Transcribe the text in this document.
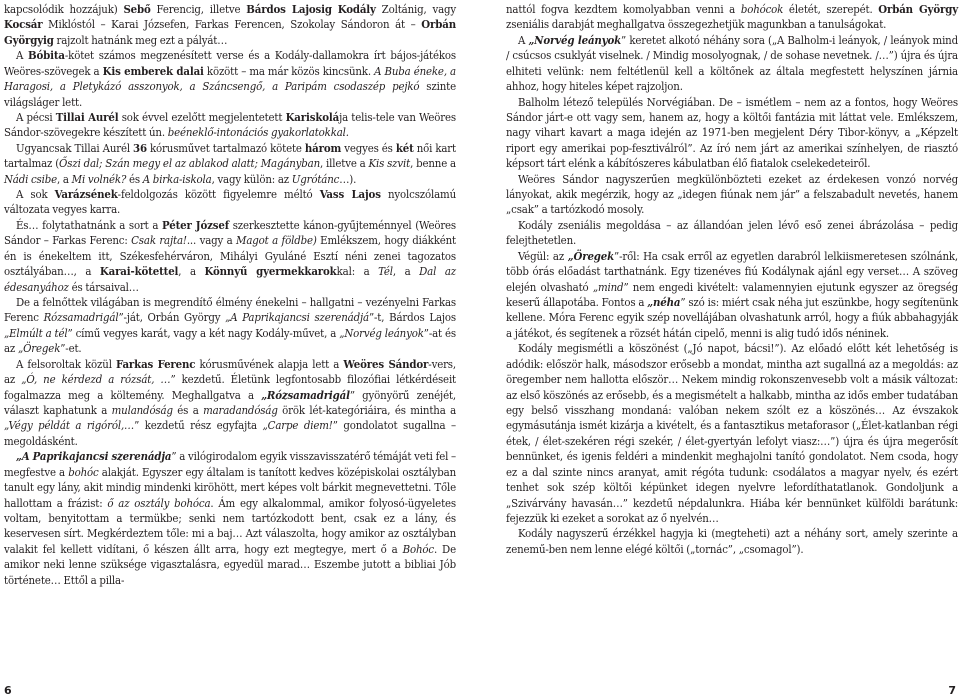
kapcsolódik hozzájuk) Sebő Ferencig, illetve Bárdos Lajosig Kodály Zoltánig, vagy Kocsár Miklóstól – Karai Józsefen, Farkas Ferencen, Szokolay Sándoron át – Orbán Györgyig rajzolt hatnánk meg ezt a pályát…

A Bóbita-kötet számos megzenésített verse és a Kodály-dallamokra írt bájos-játékos Weöres-szövegek a Kis emberek dalai között – ma már közös kincsünk. A Buba éneke, a Haragosi, a Pletykázó asszonyok, a Száncsengő, a Paripám csodaszép pejkó szinte világsláger lett.

A pécsi Tillai Aurél sok évvel ezelőtt megjelentetett Kariskolája telis-tele van Weöres Sándor-szövegekre készített ún. beéneklő-intonációs gyakorlatokkal.

Ugyancsak Tillai Aurél 36 kórusművet tartalmazó kötete három vegyes és két női kart tartalmaz (Őszi dal; Szán megy el az ablakod alatt; Magányban, illetve a Kis szvit, benne a Nádi csibe, a Mi volnék? és A birka-iskola, vagy külön: az Ugrótánc…).

A sok Varázsének-feldolgozás között figyelemre méltó Vass Lajos nyolcszólamú változata vegyes karra.

És… folytathatnánk a sort a Péter József szerkesztette kánon-gyűjteménnyel (Weöres Sándor – Farkas Ferenc: Csak rajta!... vagy a Magot a földbe) Emlékszem, hogy diákként én is énekeltem itt, Székesfehérváron, Mihályi Gyuláné Esztí néni zenei tagozatos osztályában…, a Karai-kötettel, a Könnyű gyermekkarokkal: a Tél, a Dal az édesanyához és társaival…

De a felnőttek világában is megrendítő élmény énekelni – hallgatni – vezényelni Farkas Ferenc Rózsamadrigál”-ját, Orbán György „A Paprikajancsi szerenádjá”-t, Bárdos Lajos „Elmúlt a tél” című vegyes karát, vagy a két nagy Kodály-művet, a „Norvég leányok”-at és az „Öregek”-et.

A felsoroltak közül Farkas Ferenc kórusművének alapja lett a Weöres Sándor-vers, az „Ó, ne kérdezd a rózsát, …” kezdetű. Életünk legfontosabb filozófiai létkérdéseit fogalmazza meg a költemény. Meghallgatva a „Rózsamadrigál” gyönyörű zenéjét, választ kaphatunk a mulandóság és a maradandóság örök lét-kategóriáira, és mintha a „Végy példát a rigóról,…” kezdetű rész egyfajta „Carpe diem!” gondolatot sugallna – megoldásként.

„A Paprikajancsi szerenádja” a vilógirodalom egyik visszavisszatérő témáját veti fel – megfestve a bohóc alakját. Egyszer egy általam is tanított kedves középiskolai osztályban tanult egy lány, akit mindig mindenki kiröhött, mert képes volt bárkit megnevettetni. Tőle hallottam a frázist: ő az osztály bohóca. Ám egy alkalommal, amikor folyosó-ügyeletes voltam, benyitottam a termükbe; senki nem tartózkodott bent, csak ez a lány, és keservesen sírt. Megkérdeztem tőle: mi a baj… Azt válaszolta, hogy amikor az osztályban valakit fel kellett vidítani, ő készen állt arra, hogy ezt megtegye, mert ő a Bohóc. De amikor neki lenne szüksége vigasztalásra, egyedül marad… Eszembe jutott a bibliai Jób története… Ettől a pilla-

nattól fogva kezdtem komolyabban venni a bohócok életét, szerepét. Orbán György zseniális darabját meghallgatva összegezhetjük magunkban a tanulságokat.

A „Norvég leányok” keretet alkotó néhány sora („A Balholm-i leányok, / leányok mind / csúcsos csuklyát viselnek. / Mindig mosolyognak, / de sohase nevetnek. /…”) újra és újra elhiteti velünk: nem feltétlenül kell a költőnek az általa megfestett helyszínen járnia ahhoz, hogy hiteles képet rajzoljon.

Balholm létező település Norvégiában. De – ismétlem – nem az a fontos, hogy Weöres Sándor járt-e ott vagy sem, hanem az, hogy a költői fantázia mit láttat vele. Emlékszem, nagy vihart kavart a maga idején az 1971-ben megjelent Déry Tibor-könyv, a „Képzelt riport egy amerikai pop-fesztiválról”. Az író nem járt az amerikai színhelyen, de riasztó képsort tárt elénk a kábítószeres kábulatban élő fiatalok cselekedeteiről.

Weöres Sándor nagyszerűen megkülönbözteti ezeket az érdekesen vonzó norvég lányokat, akik megérzik, hogy az „idegen fiúnak nem jár” a felszabadult nevetés, hanem „csak” a tartózkodó mosoly.

Kodály zseniális megoldása – az állandóan jelen lévő eső zenei ábrázolása – pedig felejthetetlen.

Végül: az „Öregek”-ről: Ha csak erről az egyetlen darabról lelkiismeretesen szólnánk, több órás előadást tarthatnánk. Egy tizenéves fiú Kodálynak ajánl egy verset… A szöveg elején olvasható „mind” nem engedi kivételt: valamennyien ejutunk egyszer az öregség keserű állapotába. Fontos a „néha” szó is: miért csak néha jut eszünkbe, hogy segítenünk kellene. Móra Ferenc egyik szép novellájában olvashatunk arról, hogy a fiúk abbahagyják a játékot, és segítenek a rözsét hátán cipelő, menni is alig tudó idős néninek.

Kodály megismétli a köszönést („Jó napot, bácsi!”). Az előadó előtt két lehetőség is adódik: először halk, másodszor erősebb a mondat, mintha azt sugallná az a megoldás: az öregember nem hallotta először… Nekem mindig rokonszenvesebb volt a másik változat: az első köszönés az erősebb, és a megismételt a halkabb, mintha az idős ember tudatában egy belső visszhang mondaná: valóban nekem szólt ez a köszönés… Az évszakok egymásutánja ismét kizárja a kivételt, és a fantasztikus metaforasor („Élet-katlanban régi étek, / élet-szekéren régi szekér, / élet-gyertyán lefolyt viasz:…”) újra és újra megerősít bennünket, és igenis feldéri a mindenkit meghajolni tanító gondolatot. Nem csoda, hogy ez a dal szinte nincs aranyat, amit régóta tudunk: csodálatos a magyar nyelv, és ezért tenhet sok szép költői képünket idegen nyelvre lefordíthatatlanok. Gondoljunk a „Szivárvány havasán…” kezdetű népdalunkra. Hiába kér bennünket külföldi barátunk: fejezzük ki ezeket a sorokat az ő nyelvén…

Kodály nagyszerű érzékkel hagyja ki (megteheti) azt a néhány sort, amely szerinte a zenemű-ben nem lenne elégé költői („tornác”, „csomagol”).

6	7
